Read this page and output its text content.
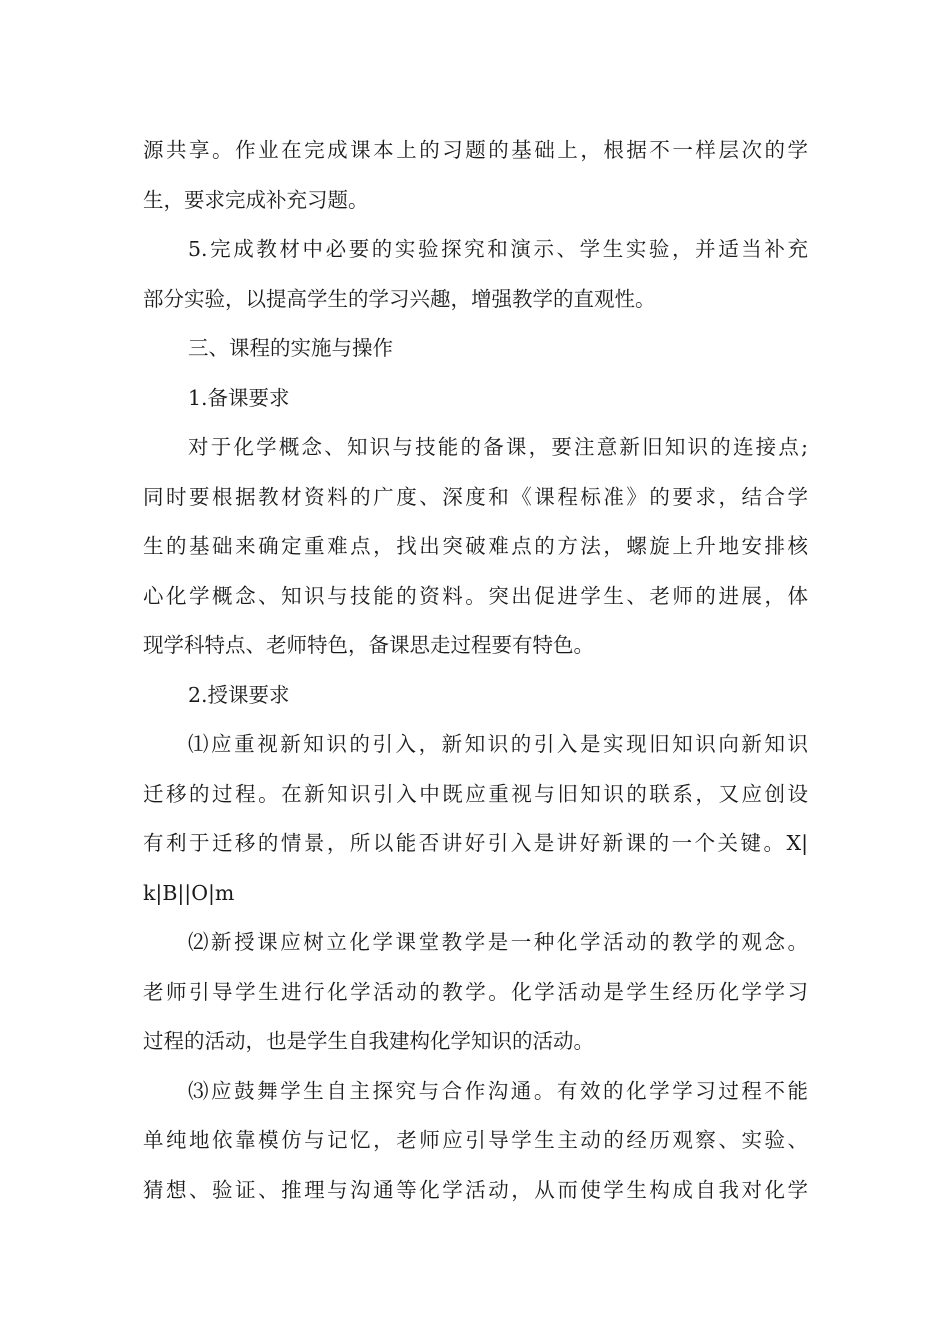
源共享。作业在完成课本上的习题的基础上，根据不一样层次的学
生，要求完成补充习题。
5.完成教材中必要的实验探究和演示、学生实验，并适当补充
部分实验，以提高学生的学习兴趣，增强教学的直观性。
三、课程的实施与操作
1.备课要求
对于化学概念、知识与技能的备课，要注意新旧知识的连接点;
同时要根据教材资料的广度、深度和《课程标准》的要求，结合学
生的基础来确定重难点，找出突破难点的方法，螺旋上升地安排核
心化学概念、知识与技能的资料。突出促进学生、老师的进展，体
现学科特点、老师特色，备课思走过程要有特色。
2.授课要求
⑴应重视新知识的引入，新知识的引入是实现旧知识向新知识
迁移的过程。在新知识引入中既应重视与旧知识的联系，又应创设
有利于迁移的情景，所以能否讲好引入是讲好新课的一个关键。X|
k|B||O|m
⑵新授课应树立化学课堂教学是一种化学活动的教学的观念。
老师引导学生进行化学活动的教学。化学活动是学生经历化学学习
过程的活动，也是学生自我建构化学知识的活动。
⑶应鼓舞学生自主探究与合作沟通。有效的化学学习过程不能
单纯地依靠模仿与记忆，老师应引导学生主动的经历观察、实验、
猜想、验证、推理与沟通等化学活动，从而使学生构成自我对化学
